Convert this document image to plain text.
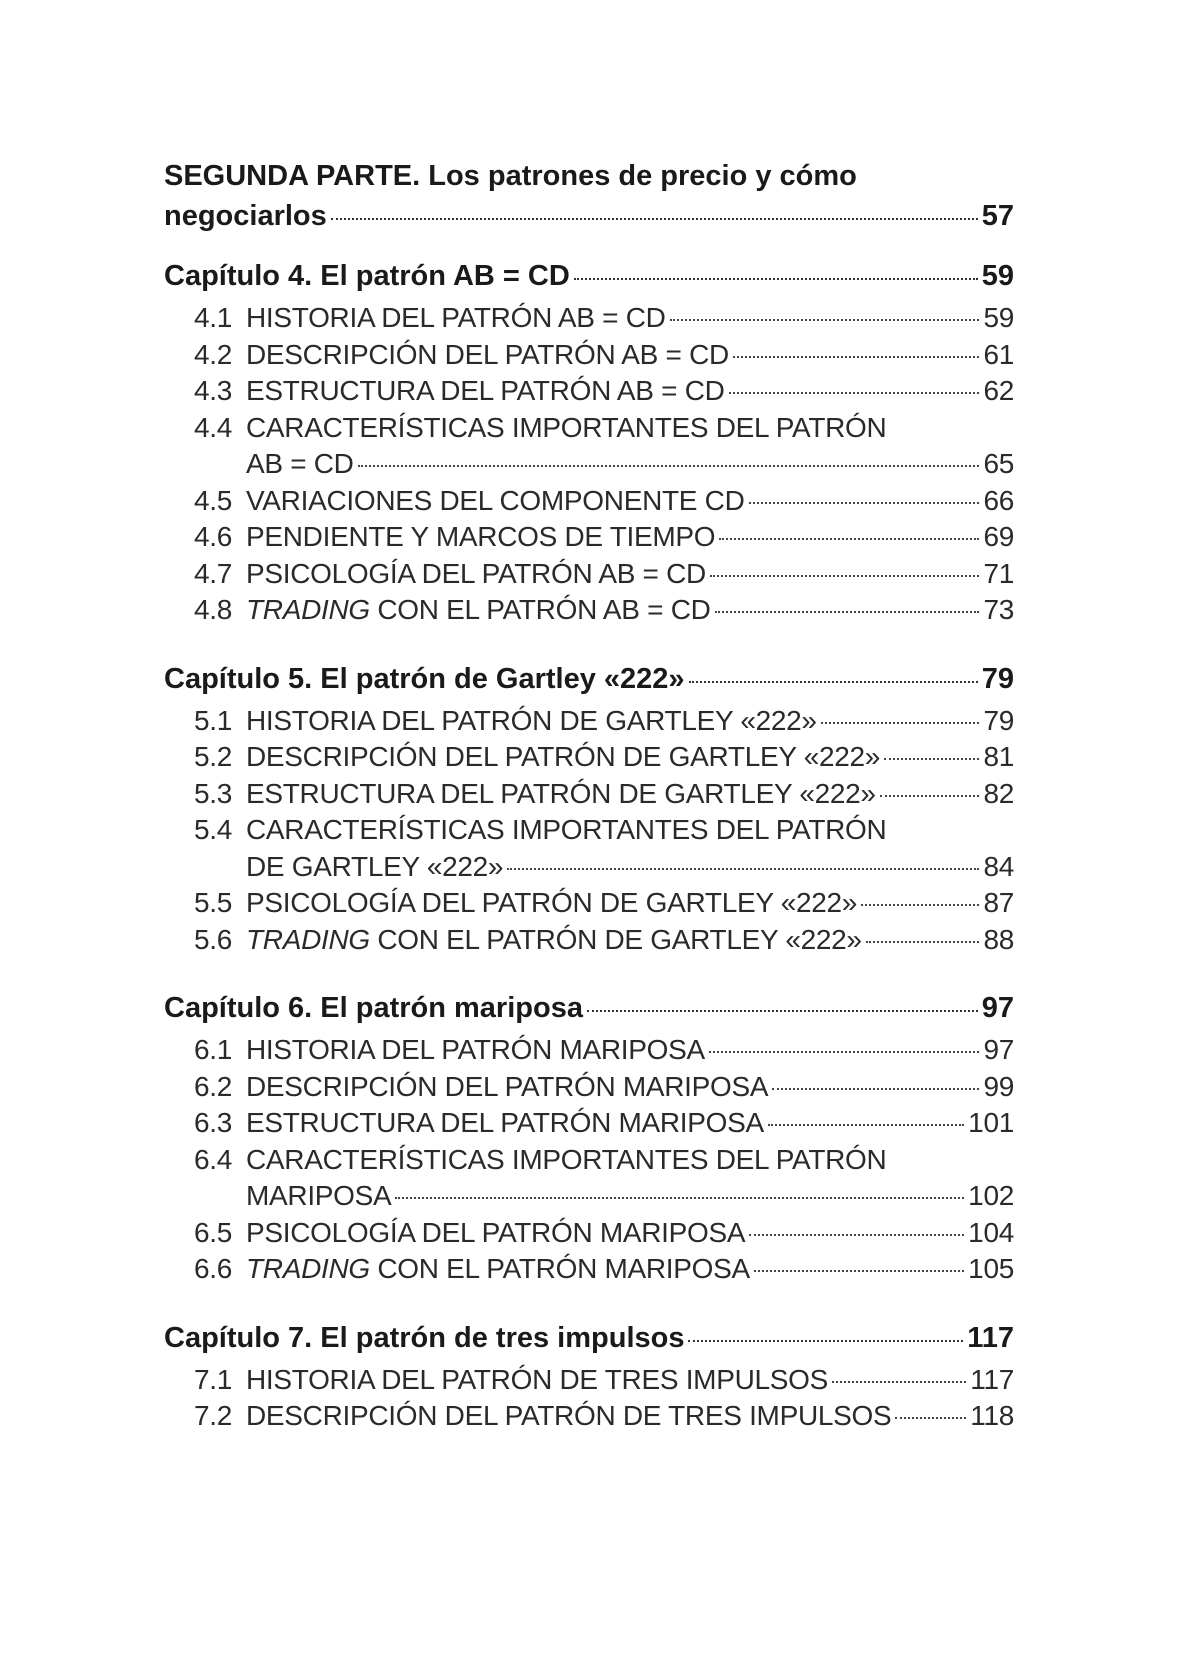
SEGUNDA PARTE. Los patrones de precio y cómo
negociarlos	57
Capítulo 4. El patrón AB = CD	59
4.1 HISTORIA DEL PATRÓN AB = CD	59
4.2 DESCRIPCIÓN DEL PATRÓN AB = CD	61
4.3 ESTRUCTURA DEL PATRÓN AB = CD	62
4.4 CARACTERÍSTICAS IMPORTANTES DEL PATRÓN
AB = CD	65
4.5 VARIACIONES DEL COMPONENTE CD	66
4.6 PENDIENTE Y MARCOS DE TIEMPO	69
4.7 PSICOLOGÍA DEL PATRÓN AB = CD	71
4.8 TRADING CON EL PATRÓN AB = CD	73
Capítulo 5. El patrón de Gartley «222»	79
5.1 HISTORIA DEL PATRÓN DE GARTLEY «222»	79
5.2 DESCRIPCIÓN DEL PATRÓN DE GARTLEY «222»	81
5.3 ESTRUCTURA DEL PATRÓN DE GARTLEY «222»	82
5.4 CARACTERÍSTICAS IMPORTANTES DEL PATRÓN
DE GARTLEY «222»	84
5.5 PSICOLOGÍA DEL PATRÓN DE GARTLEY «222»	87
5.6 TRADING CON EL PATRÓN DE GARTLEY «222»	88
Capítulo 6. El patrón mariposa	97
6.1 HISTORIA DEL PATRÓN MARIPOSA	97
6.2 DESCRIPCIÓN DEL PATRÓN MARIPOSA	99
6.3 ESTRUCTURA DEL PATRÓN MARIPOSA	101
6.4 CARACTERÍSTICAS IMPORTANTES DEL PATRÓN
MARIPOSA	102
6.5 PSICOLOGÍA DEL PATRÓN MARIPOSA	104
6.6 TRADING CON EL PATRÓN MARIPOSA	105
Capítulo 7. El patrón de tres impulsos	117
7.1 HISTORIA DEL PATRÓN DE TRES IMPULSOS	117
7.2 DESCRIPCIÓN DEL PATRÓN DE TRES IMPULSOS	118
